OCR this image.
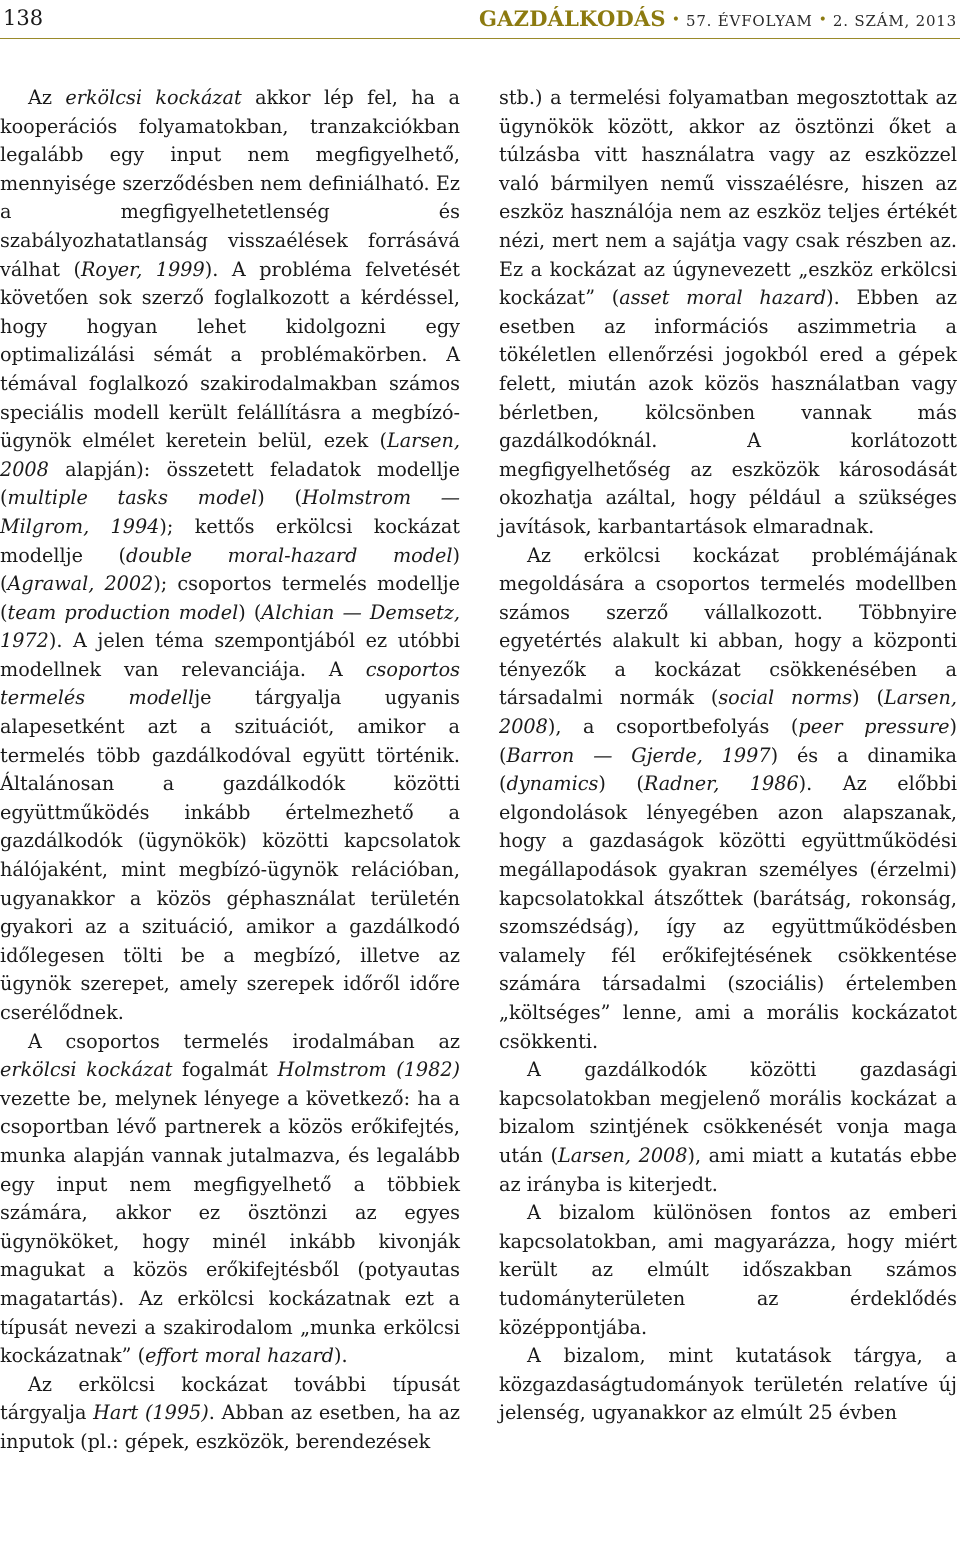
138	GAZDÁLKODÁS • 57. ÉVFOLYAM • 2. SZÁM, 2013

Az erkölcsi kockázat akkor lép fel, ha a kooperációs folyamatokban, tranzakciókban legalább egy input nem megfigyelhető, mennyisége szerződésben nem definiálható. Ez a megfigyelhetetlenség és szabályozhatatlanság visszaélések forrásává válhat (Royer, 1999). A probléma felvetését követően sok szerző foglalkozott a kérdéssel, hogy hogyan lehet kidolgozni egy optimalizálási sémát a problémakörben. A témával foglalkozó szakirodalmakban számos speciális modell került felállításra a megbízó-ügynök elmélet keretein belül, ezek (Larsen, 2008 alapján): összetett feladatok modellje (multiple tasks model) (Holmstrom — Milgrom, 1994); kettős erkölcsi kockázat modellje (double moral-hazard model) (Agrawal, 2002); csoportos termelés modellje (team production model) (Alchian — Demsetz, 1972). A jelen téma szempontjából ez utóbbi modellnek van relevanciája. A csoportos termelés modellje tárgyalja ugyanis alapesetként azt a szituációt, amikor a termelés több gazdálkodóval együtt történik. Általánosan a gazdálkodók közötti együttműködés inkább értelmezhető a gazdálkodók (ügynökök) közötti kapcsolatok hálójaként, mint megbízó-ügynök relációban, ugyanakkor a közös géphasználat területén gyakori az a szituáció, amikor a gazdálkodó időlegesen tölti be a megbízó, illetve az ügynök szerepet, amely szerepek időről időre cserélődnek.

A csoportos termelés irodalmában az erkölcsi kockázat fogalmát Holmstrom (1982) vezette be, melynek lényege a következő: ha a csoportban lévő partnerek a közös erőkifejtés, munka alapján vannak jutalmazva, és legalább egy input nem megfigyelhető a többiek számára, akkor ez ösztönzi az egyes ügynököket, hogy minél inkább kivonják magukat a közös erőkifejtésből (potyautas magatartás). Az erkölcsi kockázatnak ezt a típusát nevezi a szakirodalom „munka erkölcsi kockázatnak” (effort moral hazard).

Az erkölcsi kockázat további típusát tárgyalja Hart (1995). Abban az esetben, ha az inputok (pl.: gépek, eszközök, berendezések

stb.) a termelési folyamatban megosztottak az ügynökök között, akkor az ösztönzi őket a túlzásba vitt használatra vagy az eszközzel való bármilyen nemű visszaélésre, hiszen az eszköz használója nem az eszköz teljes értékét nézi, mert nem a sajátja vagy csak részben az. Ez a kockázat az úgynevezett „eszköz erkölcsi kockázat” (asset moral hazard). Ebben az esetben az információs aszimmetria a tökéletlen ellenőrzési jogokból ered a gépek felett, miután azok közös használatban vagy bérletben, kölcsönben vannak más gazdálkodóknál. A korlátozott megfigyelhetőség az eszközök károsodását okozhatja azáltal, hogy például a szükséges javítások, karbantartások elmaradnak.

Az erkölcsi kockázat problémájának megoldására a csoportos termelés modellben számos szerző vállalkozott. Többnyire egyetértés alakult ki abban, hogy a központi tényezők a kockázat csökkenésében a társadalmi normák (social norms) (Larsen, 2008), a csoportbefolyás (peer pressure) (Barron — Gjerde, 1997) és a dinamika (dynamics) (Radner, 1986). Az előbbi elgondolások lényegében azon alapszanak, hogy a gazdaságok közötti együttműködési megállapodások gyakran személyes (érzelmi) kapcsolatokkal átszőttek (barátság, rokonság, szomszédság), így az együttműködésben valamely fél erőkifejtésének csökkentése számára társadalmi (szociális) értelemben „költséges” lenne, ami a morális kockázatot csökkenti.

A gazdálkodók közötti gazdasági kapcsolatokban megjelenő morális kockázat a bizalom szintjének csökkenését vonja maga után (Larsen, 2008), ami miatt a kutatás ebbe az irányba is kiterjedt.

A bizalom különösen fontos az emberi kapcsolatokban, ami magyarázza, hogy miért került az elmúlt időszakban számos tudományterületen az érdeklődés középpontjába.

A bizalom, mint kutatások tárgya, a közgazdaságtudományok területén relatíve új jelenség, ugyanakkor az elmúlt 25 évben
